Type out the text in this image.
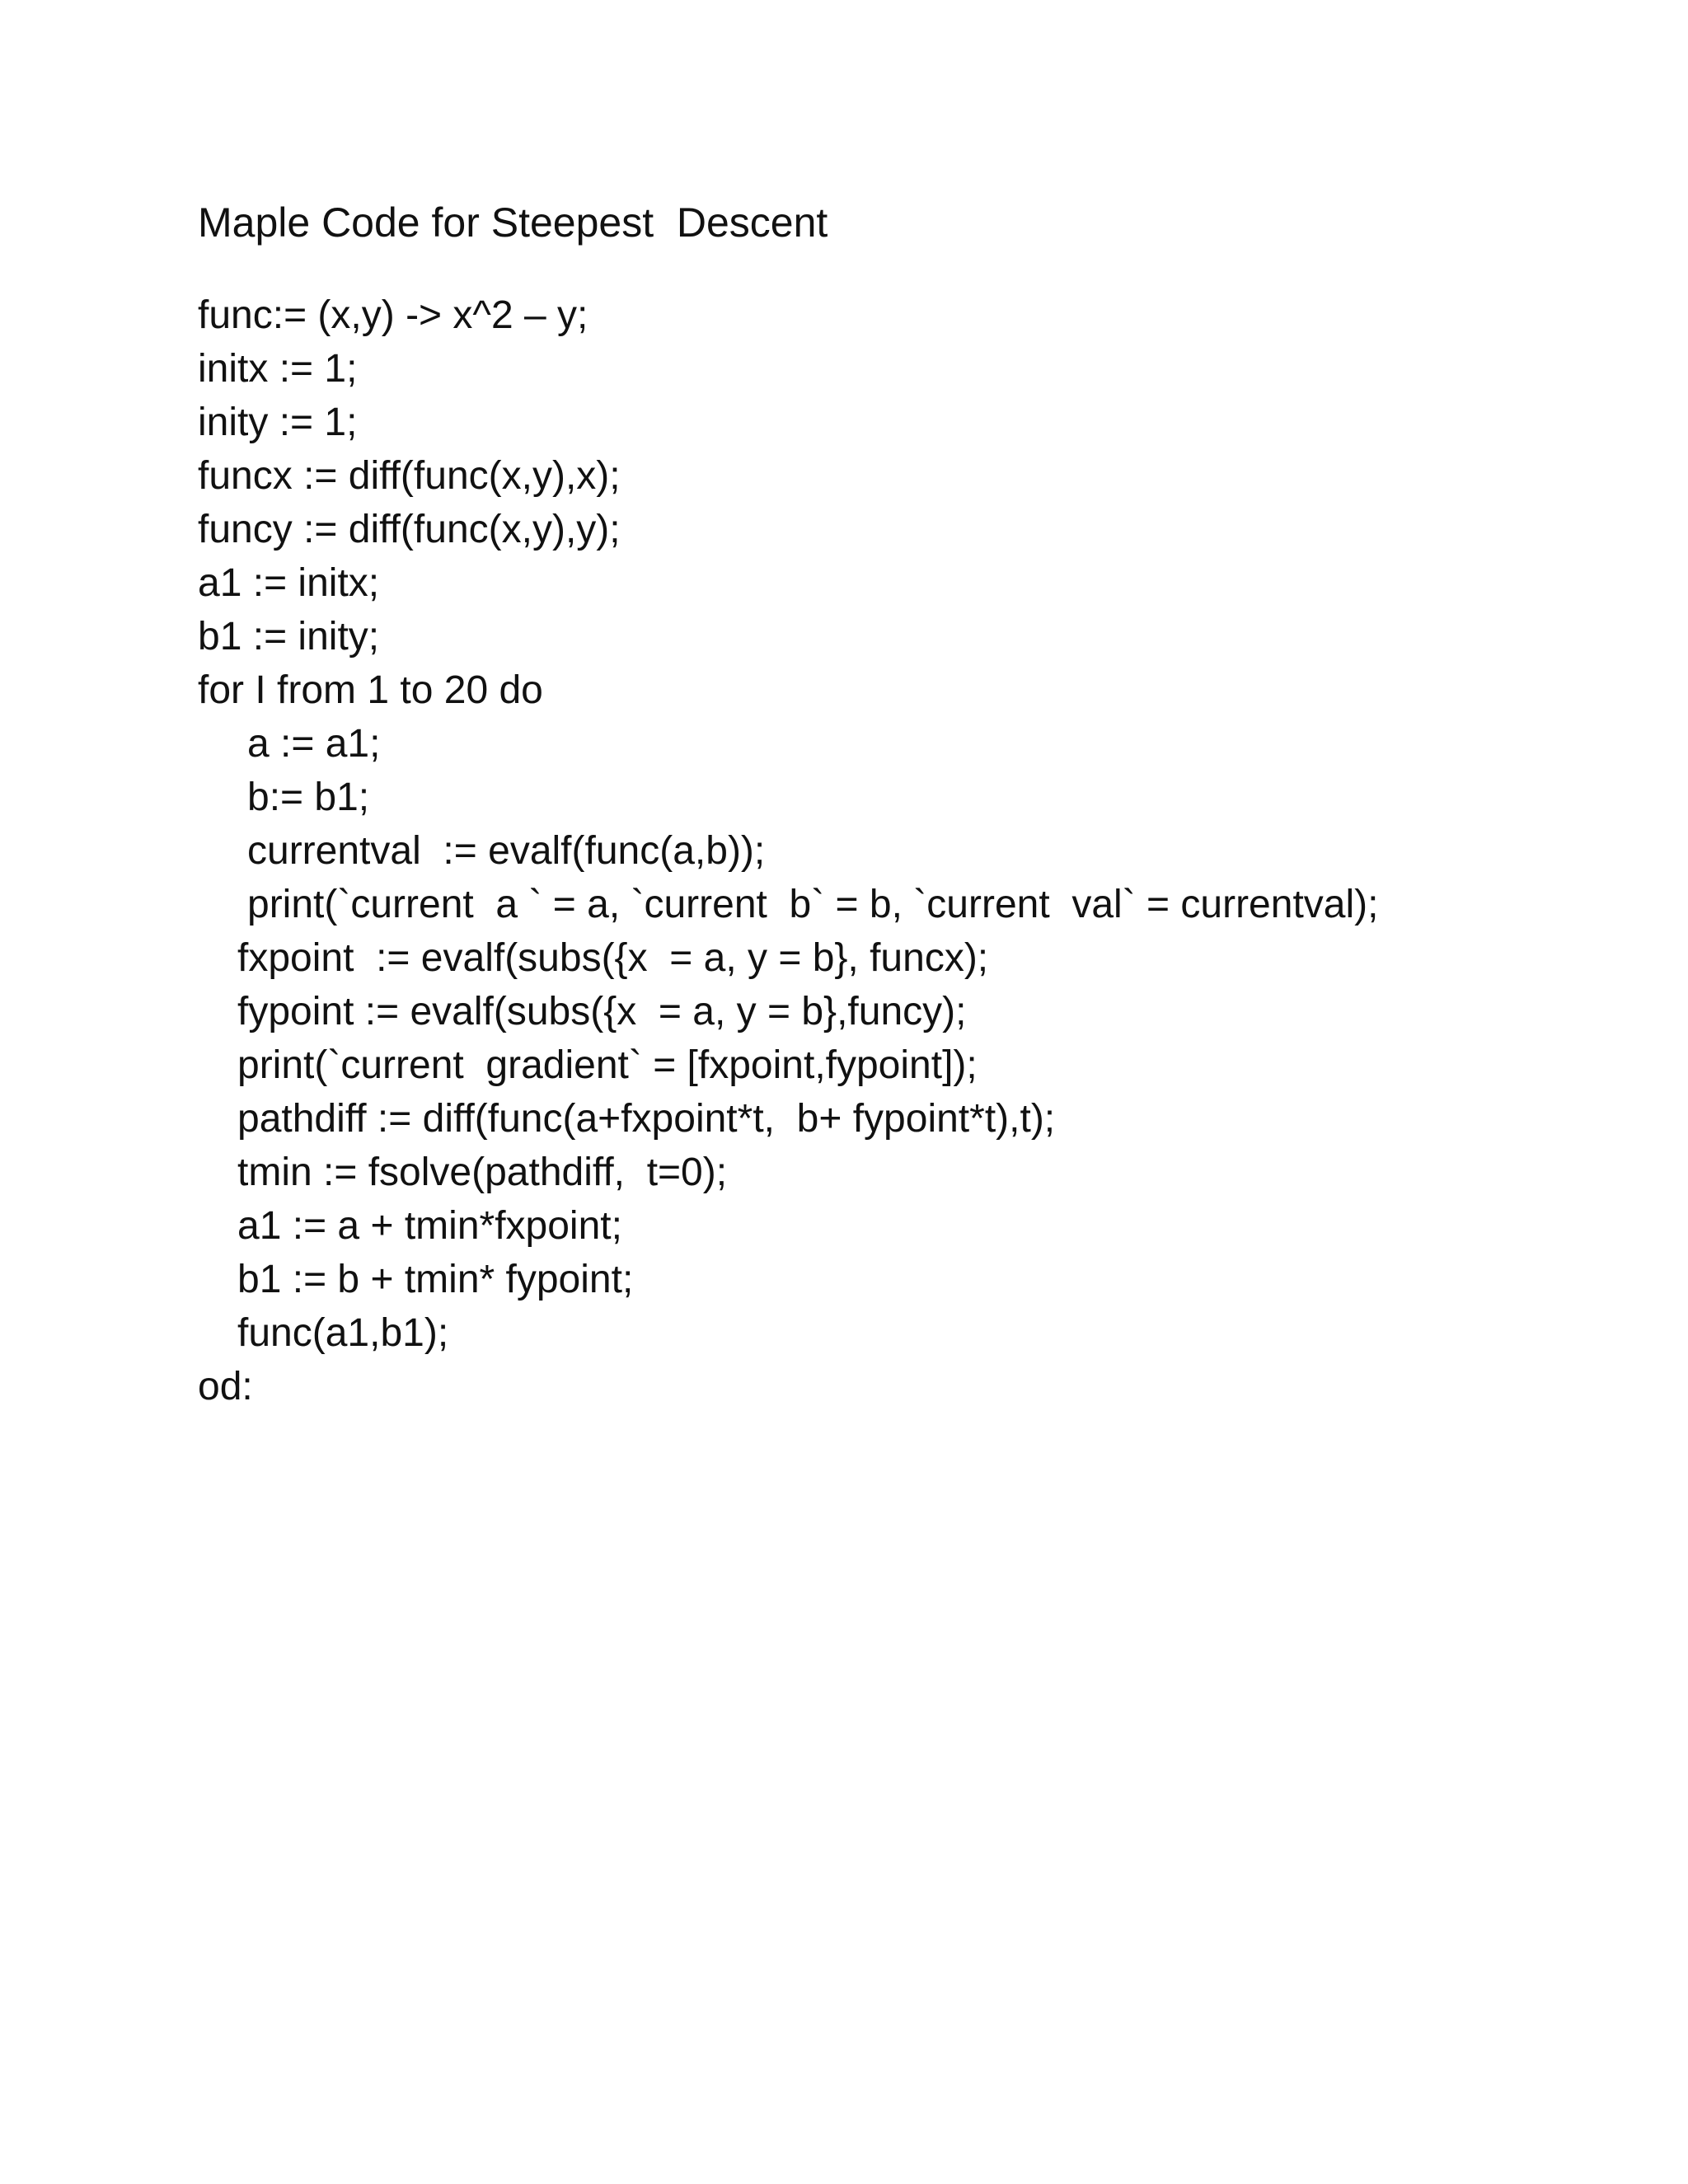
Maple Code for Steepest  Descent
func:= (x,y) -> x^2 – y;
initx := 1;
inity := 1;
funcx := diff(func(x,y),x);
funcy := diff(func(x,y),y);
a1 := initx;
b1 := inity;
for I from 1 to 20 do
a := a1;
b:= b1;
currentval  := evalf(func(a,b));
print(`current  a ` = a, `current  b` = b, `current  val` = currentval);
fxpoint  := evalf(subs({x  = a, y = b}, funcx);
fypoint := evalf(subs({x  = a, y = b},funcy);
print(`current  gradient` = [fxpoint,fypoint]);
pathdiff := diff(func(a+fxpoint*t,  b+ fypoint*t),t);
tmin := fsolve(pathdiff,  t=0);
a1 := a + tmin*fxpoint;
b1 := b + tmin* fypoint;
func(a1,b1);
od:
